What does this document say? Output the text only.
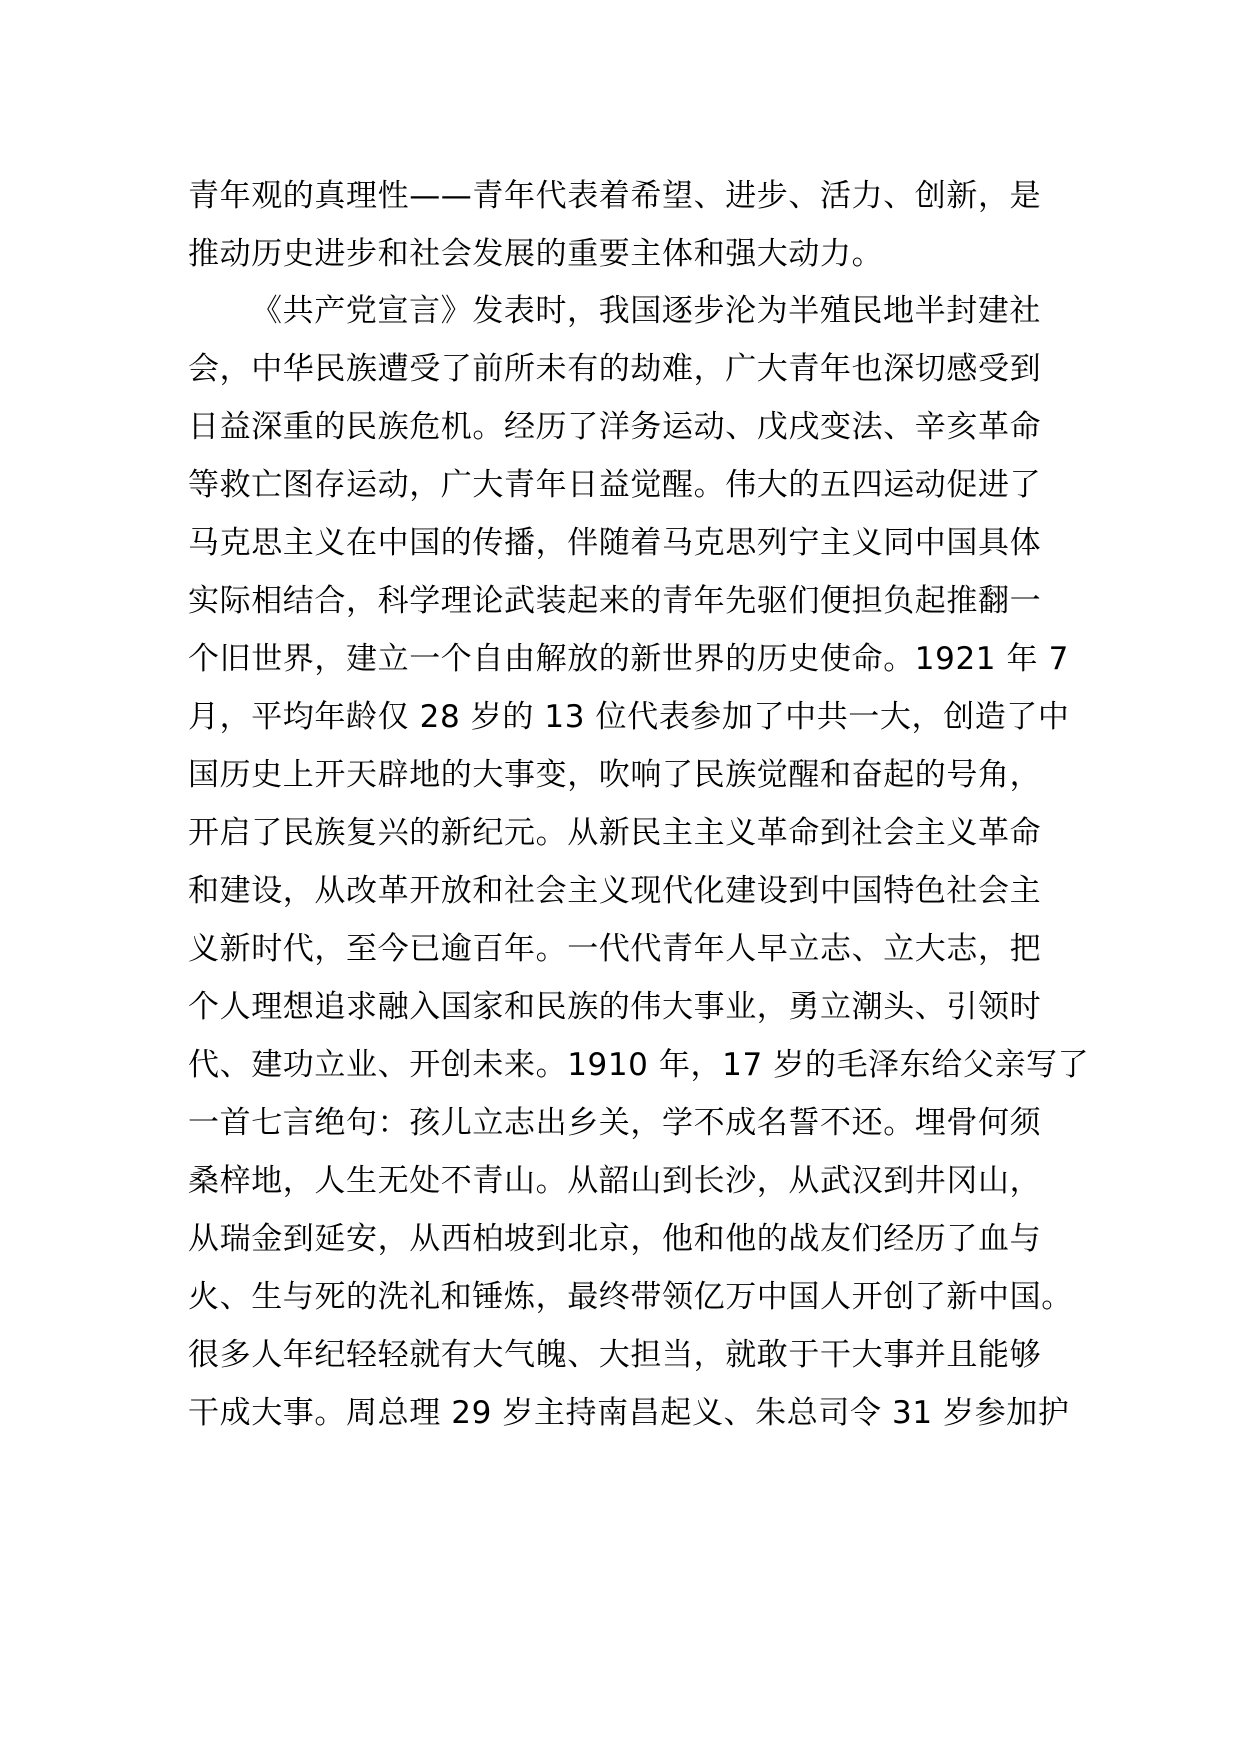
青年观的真理性——青年代表着希望、进步、活力、创新，是

推动历史进步和社会发展的重要主体和强大动力。

《共产党宣言》发表时，我国逐步沦为半殖民地半封建社

会，中华民族遭受了前所未有的劫难，广大青年也深切感受到

日益深重的民族危机。经历了洋务运动、戊戌变法、辛亥革命

等救亡图存运动，广大青年日益觉醒。伟大的五四运动促进了

马克思主义在中国的传播，伴随着马克思列宁主义同中国具体

实际相结合，科学理论武装起来的青年先驱们便担负起推翻一

个旧世界，建立一个自由解放的新世界的历史使命。1921 年 7

月，平均年龄仅 28 岁的 13 位代表参加了中共一大，创造了中

国历史上开天辟地的大事变，吹响了民族觉醒和奋起的号角，

开启了民族复兴的新纪元。从新民主主义革命到社会主义革命

和建设，从改革开放和社会主义现代化建设到中国特色社会主

义新时代，至今已逾百年。一代代青年人早立志、立大志，把

个人理想追求融入国家和民族的伟大事业，勇立潮头、引领时

代、建功立业、开创未来。1910 年，17 岁的毛泽东给父亲写了

一首七言绝句：孩儿立志出乡关，学不成名誓不还。埋骨何须

桑梓地，人生无处不青山。从韶山到长沙，从武汉到井冈山，

从瑞金到延安，从西柏坡到北京，他和他的战友们经历了血与

火、生与死的洗礼和锤炼，最终带领亿万中国人开创了新中国。

很多人年纪轻轻就有大气魄、大担当，就敢于干大事并且能够

干成大事。周总理 29 岁主持南昌起义、朱总司令 31 岁参加护
